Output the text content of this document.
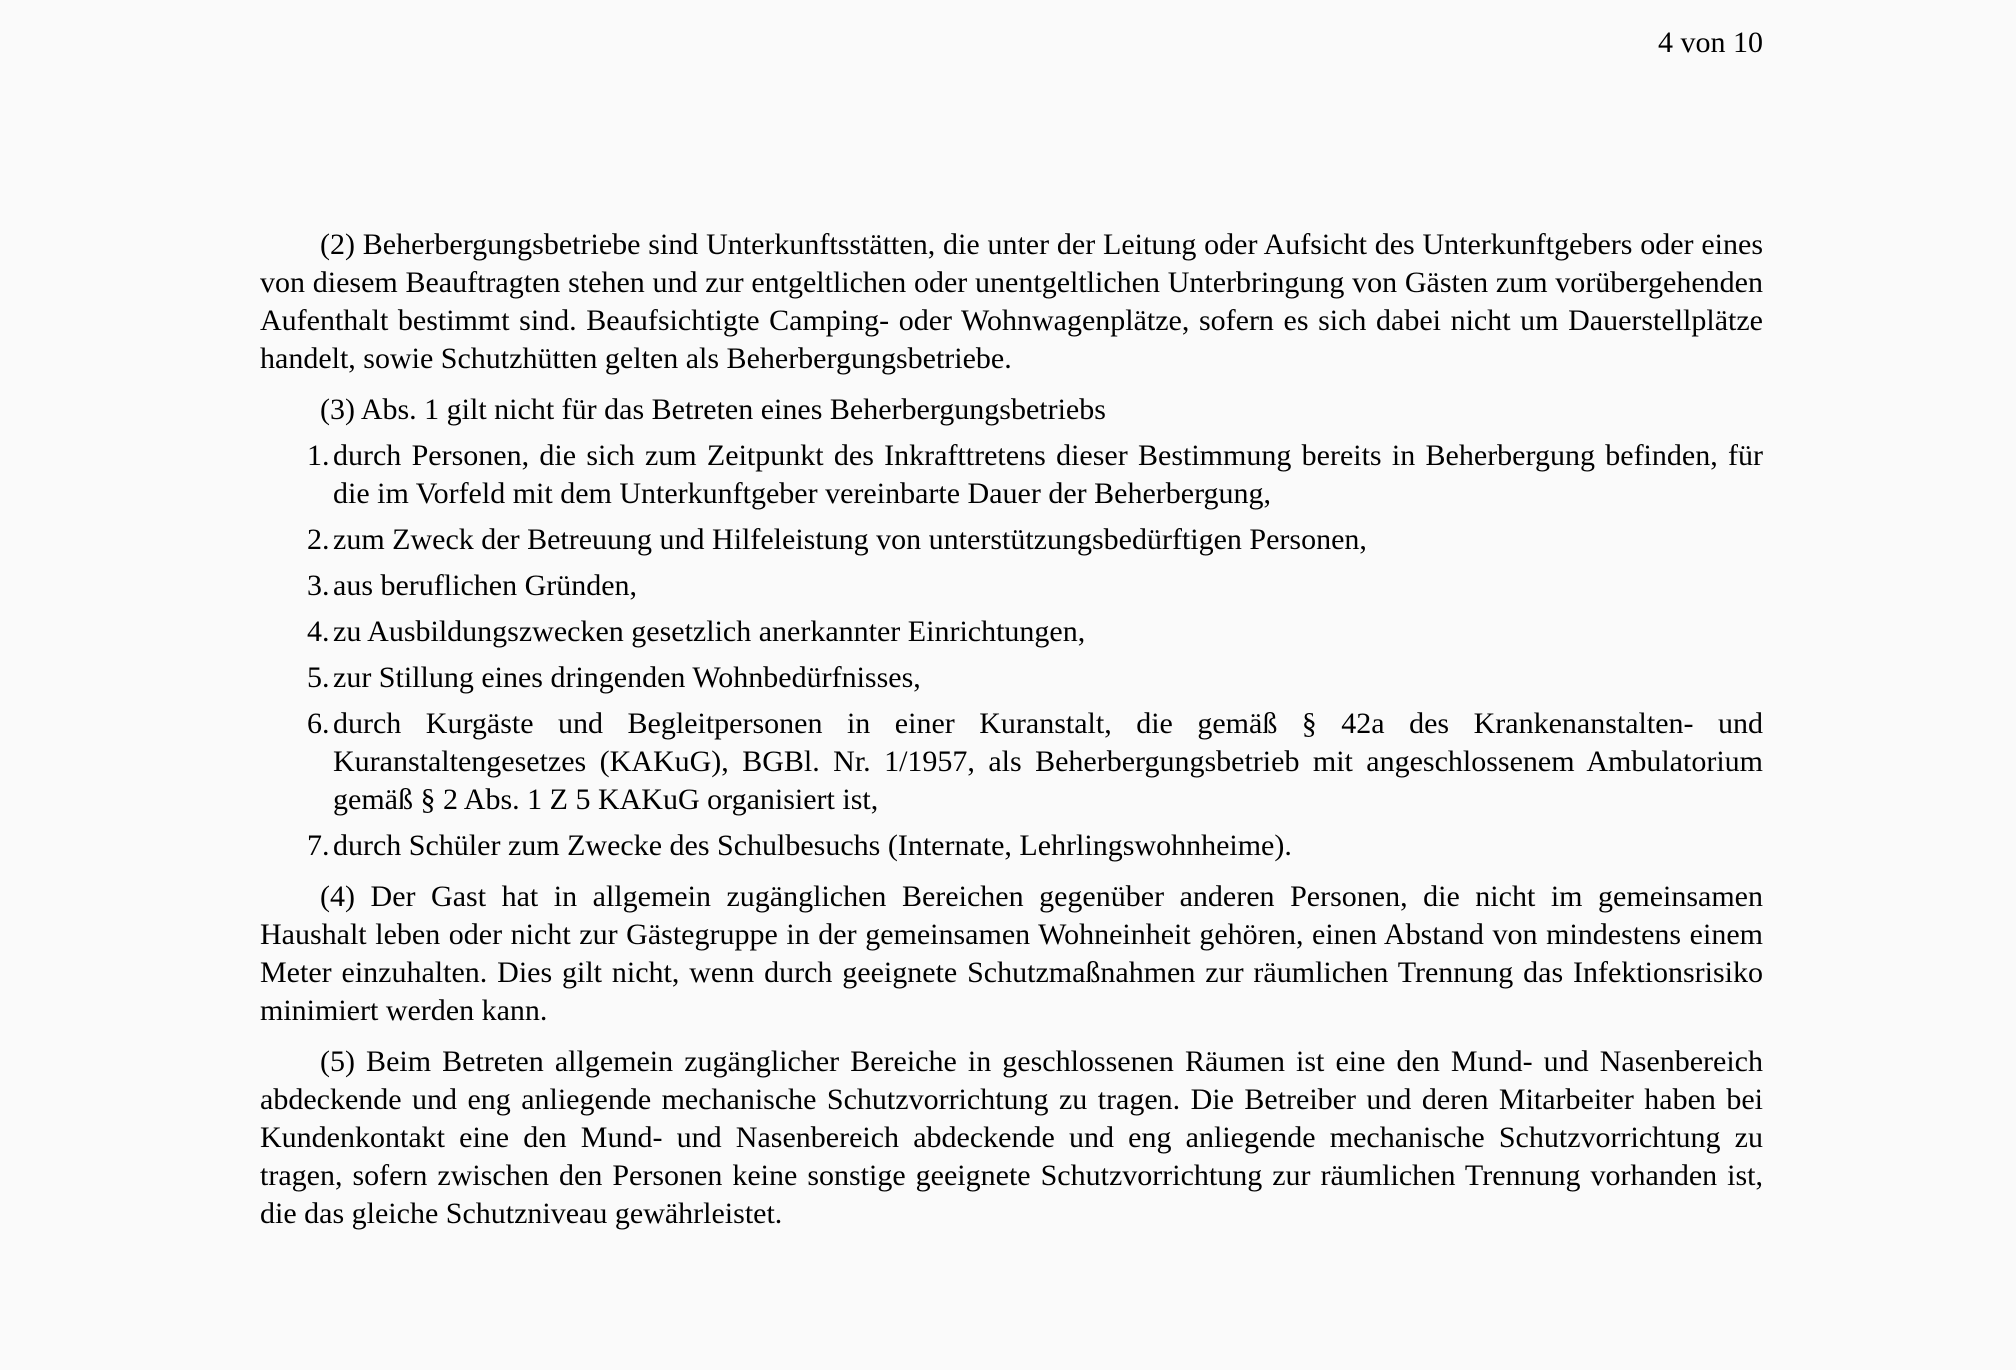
4 von 10

(2) Beherbergungsbetriebe sind Unterkunftsstätten, die unter der Leitung oder Aufsicht des Unterkunftgebers oder eines von diesem Beauftragten stehen und zur entgeltlichen oder unentgeltlichen Unterbringung von Gästen zum vorübergehenden Aufenthalt bestimmt sind. Beaufsichtigte Camping- oder Wohnwagenplätze, sofern es sich dabei nicht um Dauerstellplätze handelt, sowie Schutzhütten gelten als Beherbergungsbetriebe.

(3) Abs. 1 gilt nicht für das Betreten eines Beherbergungsbetriebs

1. durch Personen, die sich zum Zeitpunkt des Inkrafttretens dieser Bestimmung bereits in Beherbergung befinden, für die im Vorfeld mit dem Unterkunftgeber vereinbarte Dauer der Beherbergung,
2. zum Zweck der Betreuung und Hilfeleistung von unterstützungsbedürftigen Personen,
3. aus beruflichen Gründen,
4. zu Ausbildungszwecken gesetzlich anerkannter Einrichtungen,
5. zur Stillung eines dringenden Wohnbedürfnisses,
6. durch Kurgäste und Begleitpersonen in einer Kuranstalt, die gemäß § 42a des Krankenanstalten- und Kuranstaltengesetzes (KAKuG), BGBl. Nr. 1/1957, als Beherbergungsbetrieb mit angeschlossenem Ambulatorium gemäß § 2 Abs. 1 Z 5 KAKuG organisiert ist,
7. durch Schüler zum Zwecke des Schulbesuchs (Internate, Lehrlingswohnheime).

(4) Der Gast hat in allgemein zugänglichen Bereichen gegenüber anderen Personen, die nicht im gemeinsamen Haushalt leben oder nicht zur Gästegruppe in der gemeinsamen Wohneinheit gehören, einen Abstand von mindestens einem Meter einzuhalten. Dies gilt nicht, wenn durch geeignete Schutzmaßnahmen zur räumlichen Trennung das Infektionsrisiko minimiert werden kann.

(5) Beim Betreten allgemein zugänglicher Bereiche in geschlossenen Räumen ist eine den Mund- und Nasenbereich abdeckende und eng anliegende mechanische Schutzvorrichtung zu tragen. Die Betreiber und deren Mitarbeiter haben bei Kundenkontakt eine den Mund- und Nasenbereich abdeckende und eng anliegende mechanische Schutzvorrichtung zu tragen, sofern zwischen den Personen keine sonstige geeignete Schutzvorrichtung zur räumlichen Trennung vorhanden ist, die das gleiche Schutzniveau gewährleistet.
